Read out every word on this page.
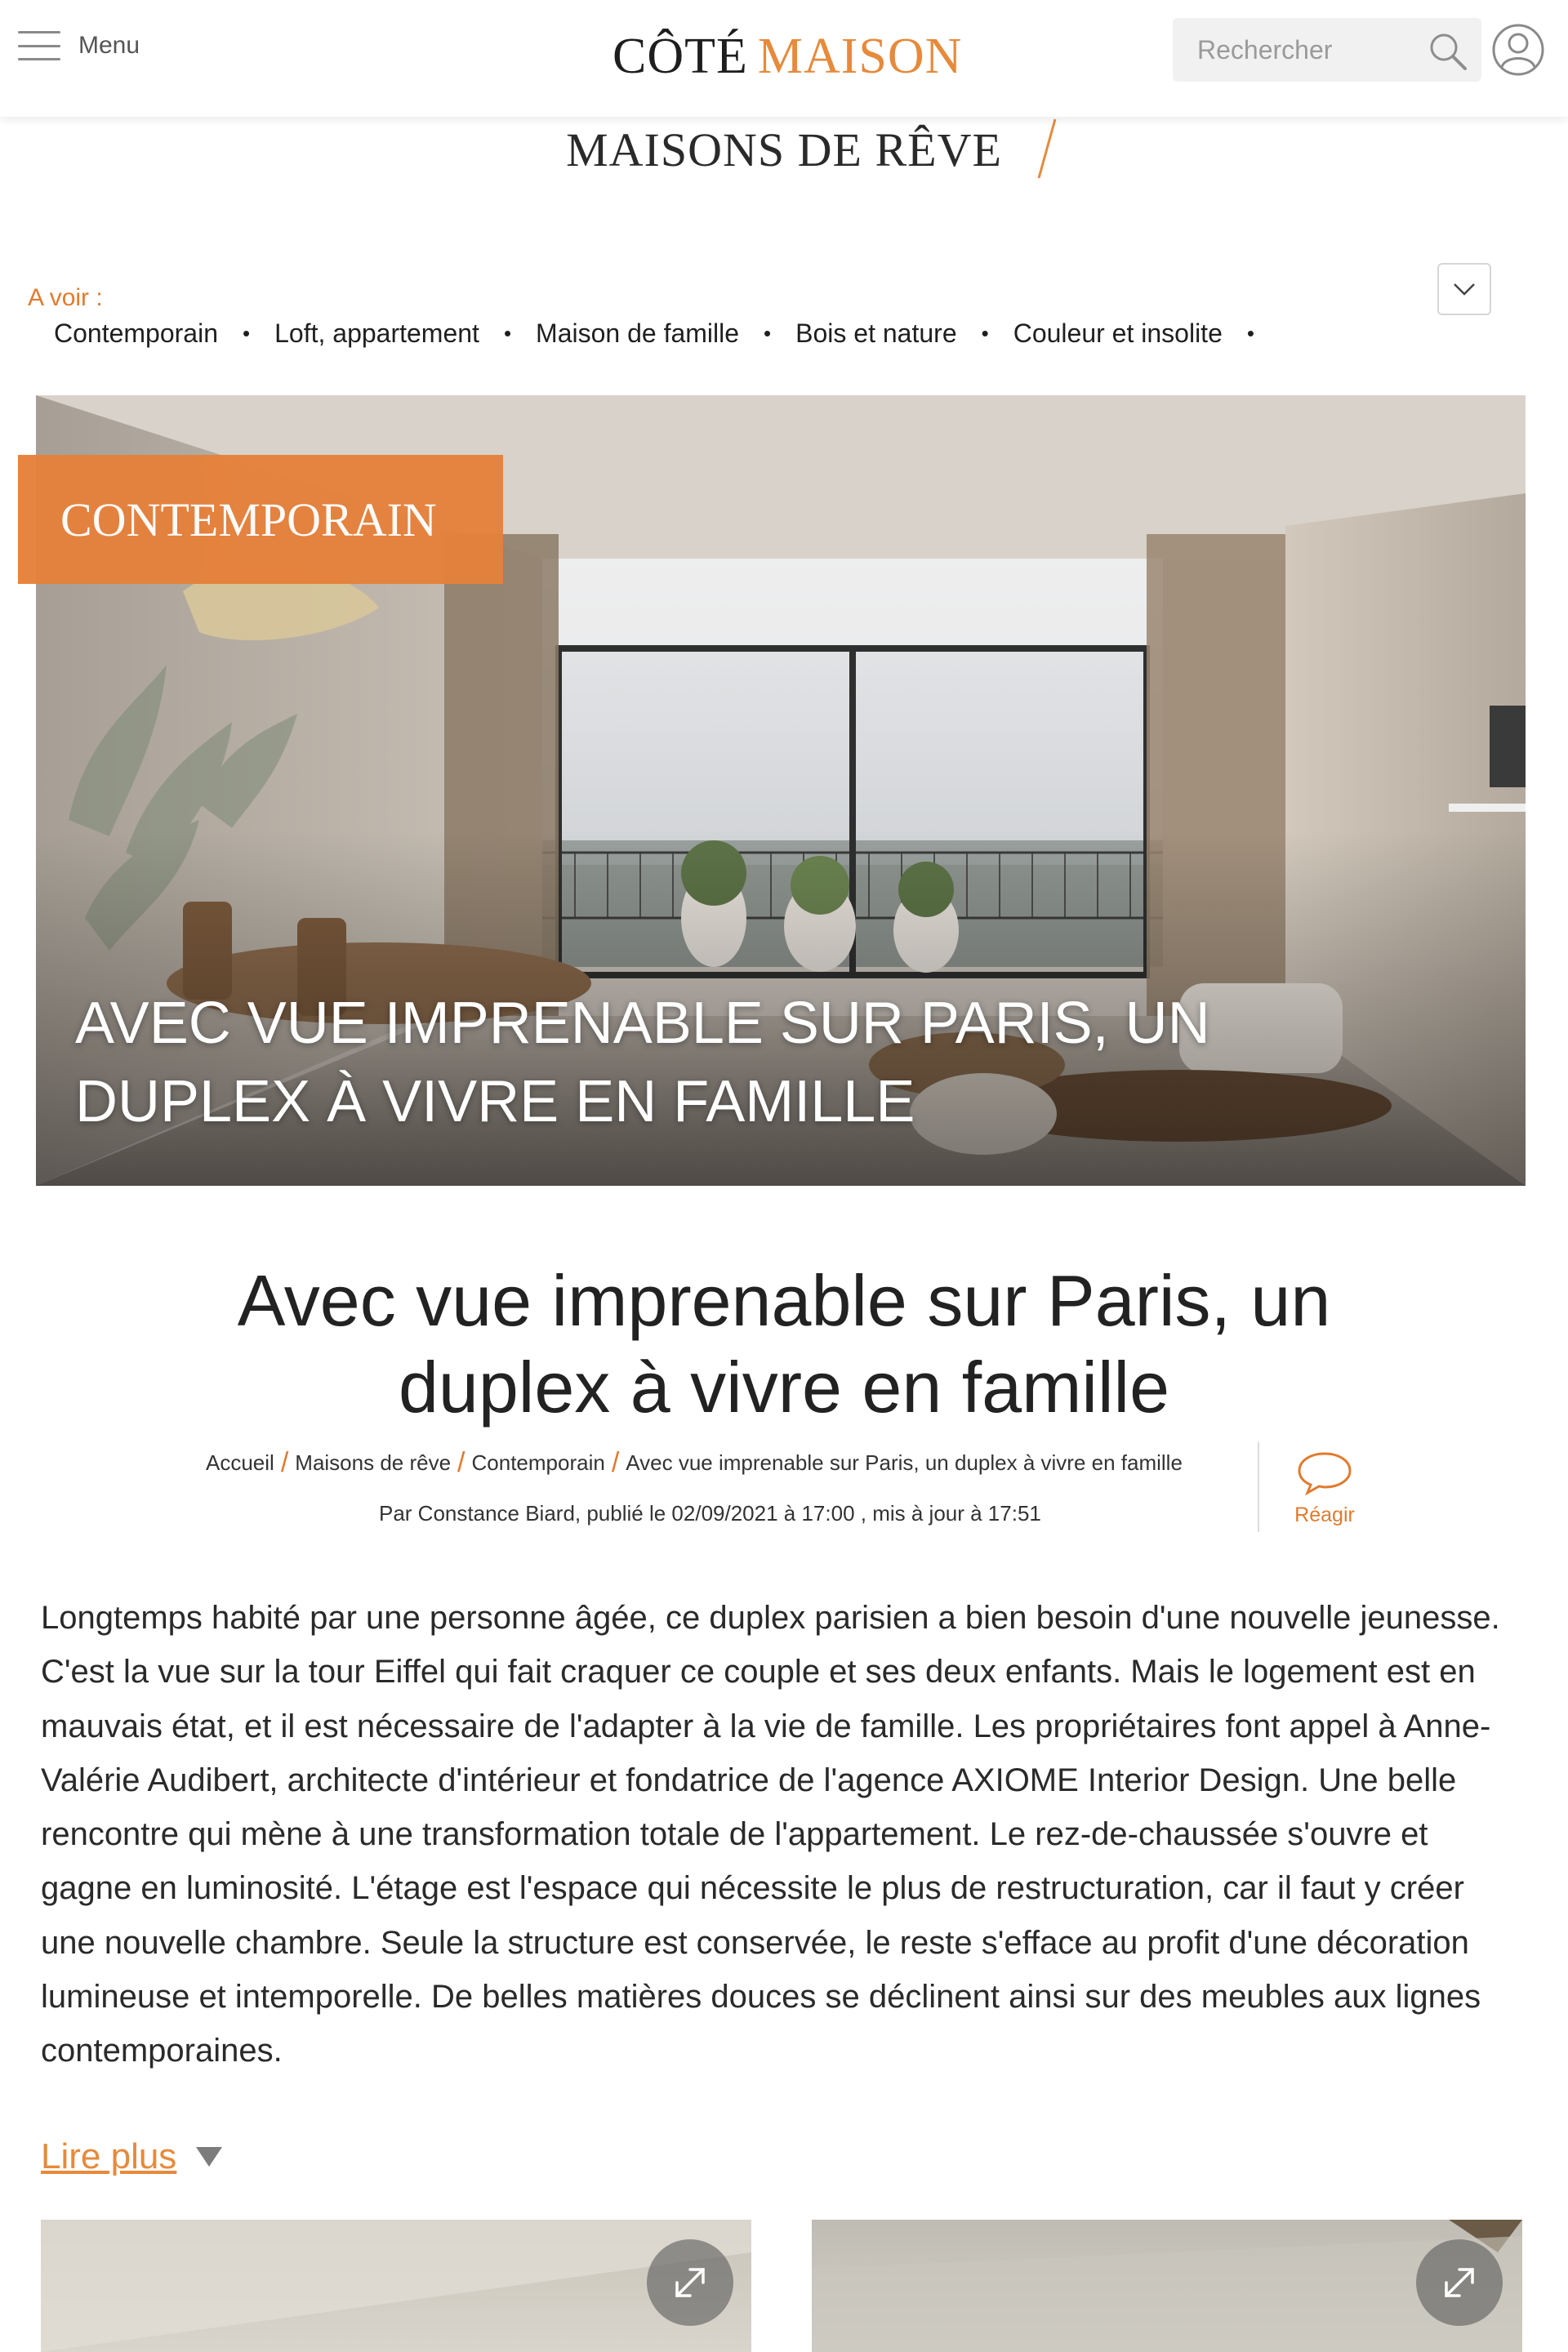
Menu	CÔTÉ MAISON
Rechercher
MAISONS DE RÊVE
A voir :
Contemporain • Loft, appartement • Maison de famille • Bois et nature • Couleur et insolite •
CONTEMPORAIN
AVEC VUE IMPRENABLE SUR PARIS, UN
DUPLEX À VIVRE EN FAMILLE
Avec vue imprenable sur Paris, un
duplex à vivre en famille
Accueil / Maisons de rêve / Contemporain / Avec vue imprenable sur Paris, un duplex à vivre en famille
Par Constance Biard, publié le 02/09/2021 à 17:00 , mis à jour à 17:51	Réagir

Longtemps habité par une personne âgée, ce duplex parisien a bien besoin d'une nouvelle jeunesse. C'est la vue sur la tour Eiffel qui fait craquer ce couple et ses deux enfants. Mais le logement est en mauvais état, et il est nécessaire de l'adapter à la vie de famille. Les propriétaires font appel à Anne-Valérie Audibert, architecte d'intérieur et fondatrice de l'agence AXIOME Interior Design. Une belle rencontre qui mène à une transformation totale de l'appartement. Le rez-de-chaussée s'ouvre et gagne en luminosité. L'étage est l'espace qui nécessite le plus de restructuration, car il faut y créer une nouvelle chambre. Seule la structure est conservée, le reste s'efface au profit d'une décoration lumineuse et intemporelle. De belles matières douces se déclinent ainsi sur des meubles aux lignes contemporaines.

Lire plus
